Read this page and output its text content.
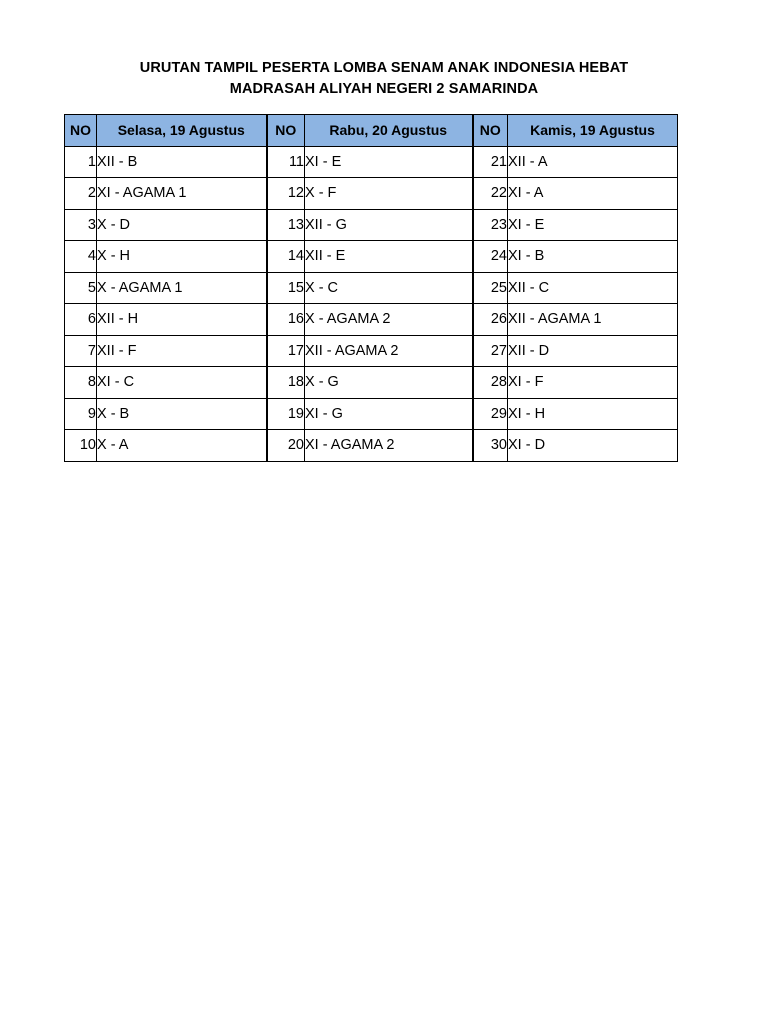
URUTAN TAMPIL PESERTA LOMBA SENAM ANAK INDONESIA HEBAT
MADRASAH ALIYAH NEGERI 2 SAMARINDA
NO	Selasa, 19 Agustus	NO	Rabu, 20 Agustus	NO	Kamis, 19 Agustus
1	XII - B	11	XI - E	21	XII - A
2	XI - AGAMA 1	12	X - F	22	XI - A
3	X - D	13	XII - G	23	XI - E
4	X - H	14	XII - E	24	XI - B
5	X - AGAMA 1	15	X - C	25	XII - C
6	XII - H	16	X - AGAMA 2	26	XII - AGAMA 1
7	XII - F	17	XII - AGAMA 2	27	XII - D
8	XI - C	18	X - G	28	XI - F
9	X - B	19	XI - G	29	XI - H
10	X - A	20	XI - AGAMA 2	30	XI - D
